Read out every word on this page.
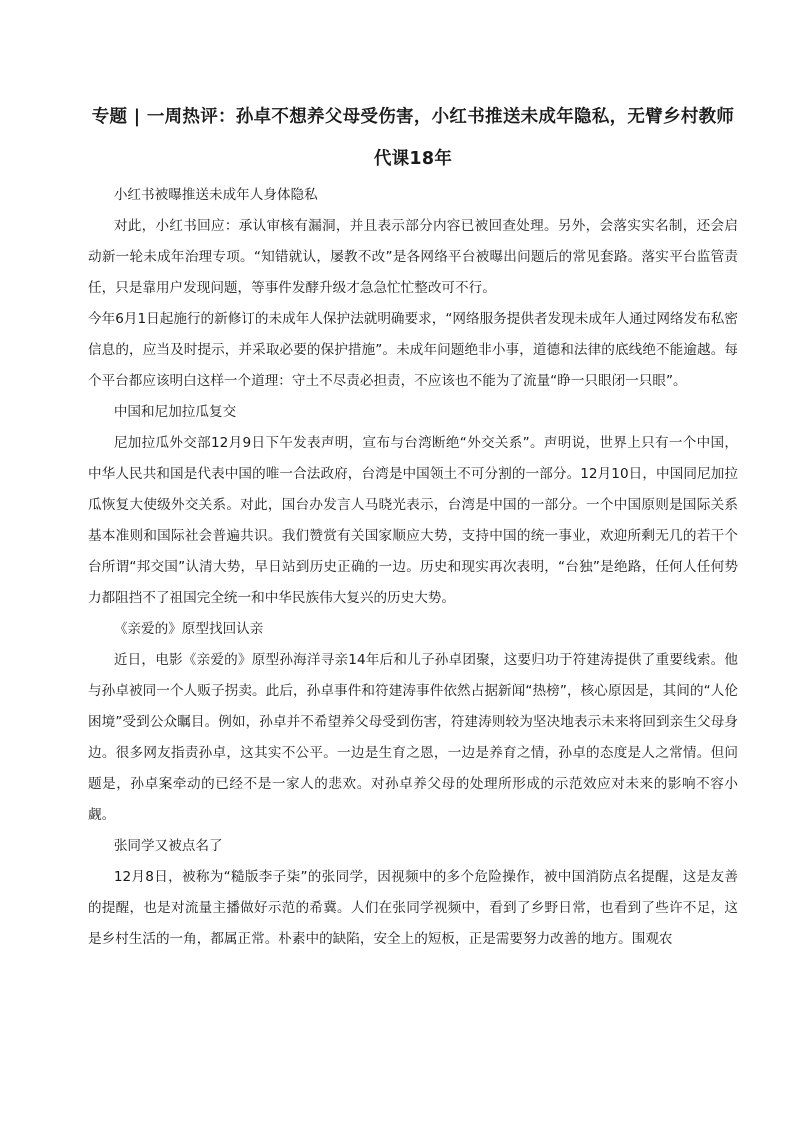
专题 | 一周热评：孙卓不想养父母受伤害，小红书推送未成年隐私，无臂乡村教师代课18年

小红书被曝推送未成年人身体隐私

对此，小红书回应：承认审核有漏洞，并且表示部分内容已被回查处理。另外，会落实实名制，还会启动新一轮未成年治理专项。“知错就认，屡教不改”是各网络平台被曝出问题后的常见套路。落实平台监管责任，只是靠用户发现问题，等事件发酵升级才急急忙忙整改可不行。

今年6月1日起施行的新修订的未成年人保护法就明确要求，“网络服务提供者发现未成年人通过网络发布私密信息的，应当及时提示，并采取必要的保护措施”。未成年问题绝非小事，道德和法律的底线绝不能逾越。每个平台都应该明白这样一个道理：守土不尽责必担责，不应该也不能为了流量“睁一只眼闭一只眼”。

中国和尼加拉瓜复交

尼加拉瓜外交部12月9日下午发表声明，宣布与台湾断绝“外交关系”。声明说，世界上只有一个中国，中华人民共和国是代表中国的唯一合法政府，台湾是中国领土不可分割的一部分。12月10日，中国同尼加拉瓜恢复大使级外交关系。对此，国台办发言人马晓光表示，台湾是中国的一部分。一个中国原则是国际关系基本准则和国际社会普遍共识。我们赞赏有关国家顺应大势，支持中国的统一事业，欢迎所剩无几的若干个台所谓“邦交国”认清大势，早日站到历史正确的一边。历史和现实再次表明，“台独”是绝路，任何人任何势力都阻挡不了祖国完全统一和中华民族伟大复兴的历史大势。

《亲爱的》原型找回认亲

近日，电影《亲爱的》原型孙海洋寻亲14年后和儿子孙卓团聚，这要归功于符建涛提供了重要线索。他与孙卓被同一个人贩子拐卖。此后，孙卓事件和符建涛事件依然占据新闻“热榜”，核心原因是，其间的“人伦困境”受到公众瞩目。例如，孙卓并不希望养父母受到伤害，符建涛则较为坚决地表示未来将回到亲生父母身边。很多网友指责孙卓，这其实不公平。一边是生育之恩，一边是养育之情，孙卓的态度是人之常情。但问题是，孙卓案牵动的已经不是一家人的悲欢。对孙卓养父母的处理所形成的示范效应对未来的影响不容小觑。

张同学又被点名了

12月8日，被称为“糙版李子柒”的张同学，因视频中的多个危险操作，被中国消防点名提醒，这是友善的提醒，也是对流量主播做好示范的希冀。人们在张同学视频中，看到了乡野日常，也看到了些许不足，这是乡村生活的一角，都属正常。朴素中的缺陷，安全上的短板，正是需要努力改善的地方。围观农
